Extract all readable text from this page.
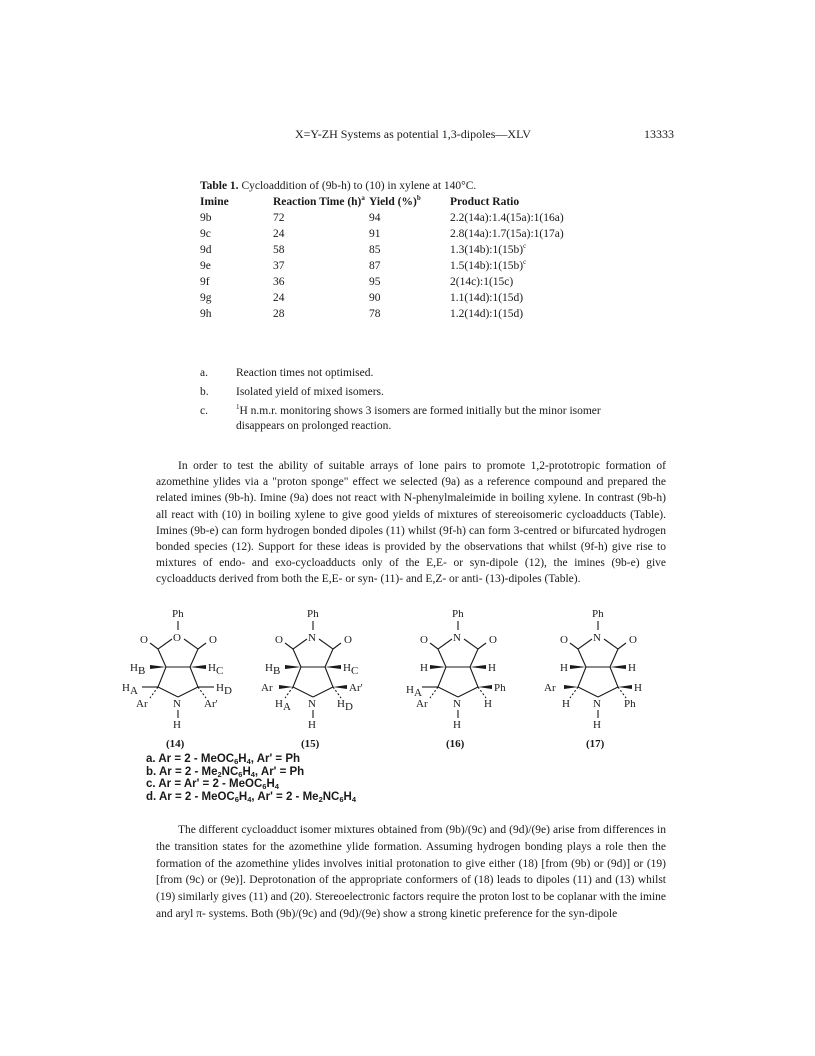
X=Y-ZH Systems as potential 1,3-dipoles—XLV	13333
Table 1. Cycloaddition of (9b-h) to (10) in xylene at 140°C.
Imine	Reaction Time $(h)^a$	Yield (%)$^b$	Product Ratio
9b	72	94	2.2(14a):1.4(15a):1(16a)
9c	24	91	2.8(14a):1.7(15a):1(17a)
9d	58	85	$1.3(14b):1(15b)^c$
9e	37	87	$1.5(14b):1(15b)^c$
9f	36	95	2(14c):1(15c)
9g	24	90	1.1(14d):1(15d)
9h	28	78	1.2(14d):1(15d)
a.	Reaction times not optimised.
b.	Isolated yield of mixed isomers.
c.	$^1$H n.m.r. monitoring shows 3 isomers are formed initially but the minor isomer
disappears on prolonged reaction.

In order to test the ability of suitable arrays of lone pairs to promote 1,2-prototropic formation of azomethine ylides via a "proton sponge" effect we selected (9a) as a reference compound and prepared the related imines (9b-h). Imine (9a) does not react with N-phenylmaleimide in boiling xylene. In contrast (9b-h) all react with (10) in boiling xylene to give good yields of mixtures of stereoisomeric cycloadducts (Table). Imines (9b-e) can form hydrogen bonded dipoles (11) whilst (9f-h) can form 3-centred or bifurcated hydrogen bonded species (12). Support for these ideas is provided by the observations that whilst (9f-h) give rise to mixtures of endo- and exo-cycloadducts only of the E,E- or syn-dipole (12), the imines (9b-e) give cycloadducts derived from both the E,E- or syn- (11)- and E,Z- or anti- (13)-dipoles (Table).

Ph
O
O	O
H B	H C
H A	H D
Ar	Ar'
N
H
(14)
Ph
N
O	O
H B	H C
Ar	Ar'
H A	H D
N
H
(15)
Ph
N
O	O
H	H
H A	Ph
Ar	H
N
H
(16)
Ph
N
O	O
H	H
Ar	H
H	Ph
N
H
(17)
a. $Ar = 2 - MeOC_6H_4$, Ar' = Ph
b. $Ar = 2 - Me_2NC_6H_4$, Ar' = Ph
c. $Ar = Ar' = 2 - MeOC_6H_4$
d. $Ar = 2 - MeOC_6H_4$, $Ar' = 2 - Me_2NC_6H_4$

The different cycloadduct isomer mixtures obtained from (9b)/(9c) and (9d)/(9e) arise from differences in the transition states for the azomethine ylide formation. Assuming hydrogen bonding plays a role then the formation of the azomethine ylides involves initial protonation to give either (18) [from (9b) or (9d)] or (19) [from (9c) or (9e)]. Deprotonation of the appropriate conformers of (18) leads to dipoles (11) and (13) whilst (19) similarly gives (11) and (20). Stereoelectronic factors require the proton lost to be coplanar with the imine and aryl π- systems. Both (9b)/(9c) and (9d)/(9e) show a strong kinetic preference for the syn-dipole
